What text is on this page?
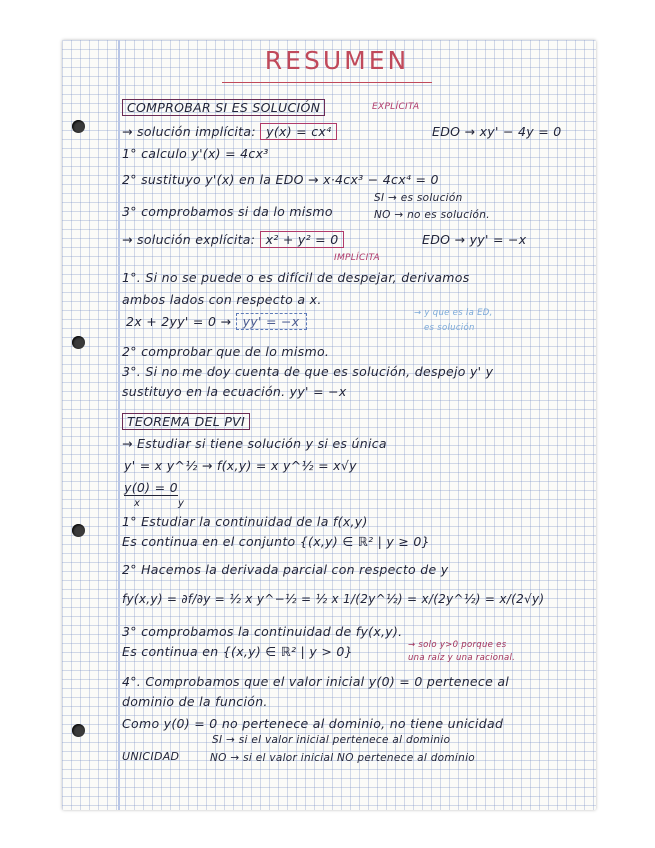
RESUMEN
COMPROBAR SI ES SOLUCIÓN	EXPLÍCITA
→ solución implícita: y(x) = cx⁴	EDO → xy' − 4y = 0
1° calculo y'(x) = 4cx³
2° sustituyo y'(x) en la EDO → x·4cx³ − 4cx⁴ = 0
3° comprobamos si da lo mismo
SI → es solución
NO → no es solución.
→ solución explícita: x² + y² = 0	EDO → yy' = −x
IMPLÍCITA
1°. Si no se puede o es difícil de despejar, derivamos
ambos lados con respecto a x.
2x + 2yy' = 0 → yy' = −x
→ y que es la ED,
es solución
2° comprobar que de lo mismo.
3°. Si no me doy cuenta de que es solución, despejo y' y
sustituyo en la ecuación. yy' = −x
TEOREMA DEL PVI
→ Estudiar si tiene solución y si es única
y' = x y^½ → f(x,y) = x y^½ = x√y
y(0) = 0
x	y
1° Estudiar la continuidad de la f(x,y)
Es continua en el conjunto {(x,y) ∈ ℝ² | y ≥ 0}
2° Hacemos la derivada parcial con respecto de y
fy(x,y) = ∂f/∂y = ½ x y^−½ = ½ x 1/(2y^½) = x/(2y^½) = x/(2√y)
3° comprobamos la continuidad de fy(x,y).
Es continua en {(x,y) ∈ ℝ² | y > 0}	→ solo y>0 porque es
una raíz y una racional.
4°. Comprobamos que el valor inicial y(0) = 0 pertenece al
dominio de la función.
Como y(0) = 0 no pertenece al dominio, no tiene unicidad
SI → si el valor inicial pertenece al dominio
UNICIDAD	NO → si el valor inicial NO pertenece al dominio
